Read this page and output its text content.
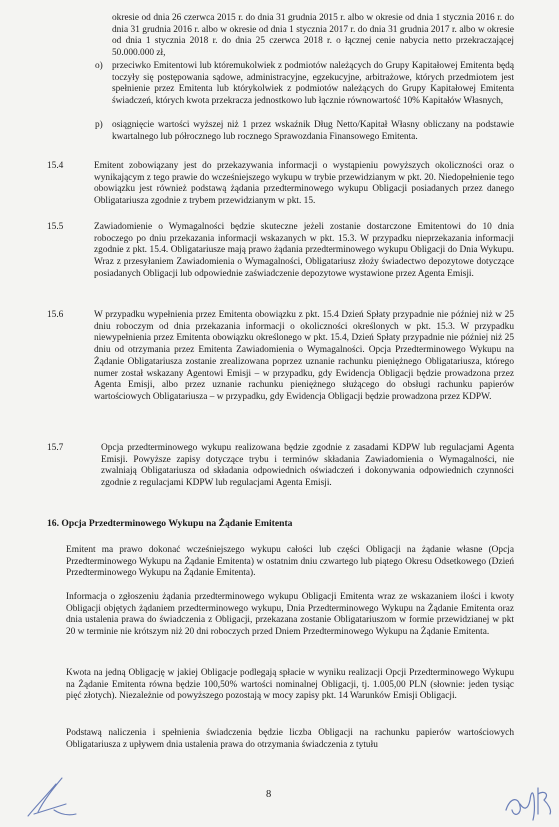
okresie od dnia 26 czerwca 2015 r. do dnia 31 grudnia 2015 r. albo w okresie od dnia 1 stycznia 2016 r. do dnia 31 grudnia 2016 r. albo w okresie od dnia 1 stycznia 2017 r. do dnia 31 grudnia 2017 r. albo w okresie od dnia 1 stycznia 2018 r. do dnia 25 czerwca 2018 r. o łącznej cenie nabycia netto przekraczającej 50.000.000 zł,

o) przeciwko Emitentowi lub któremukolwiek z podmiotów należących do Grupy Kapitałowej Emitenta będą toczyły się postępowania sądowe, administracyjne, egzekucyjne, arbitrażowe, których przedmiotem jest spełnienie przez Emitenta lub którykolwiek z podmiotów należących do Grupy Kapitałowej Emitenta świadczeń, których kwota przekracza jednostkowo lub łącznie równowartość 10% Kapitałów Własnych,

p) osiągnięcie wartości wyższej niż 1 przez wskaźnik Dług Netto/Kapitał Własny obliczany na podstawie kwartalnego lub półrocznego lub rocznego Sprawozdania Finansowego Emitenta.

15.4	Emitent zobowiązany jest do przekazywania informacji o wystąpieniu powyższych okoliczności oraz o wynikającym z tego prawie do wcześniejszego wykupu w trybie przewidzianym w pkt. 20. Niedopełnienie tego obowiązku jest również podstawą żądania przedterminowego wykupu Obligacji posiadanych przez danego Obligatariusza zgodnie z trybem przewidzianym w pkt. 15.

15.5	Zawiadomienie o Wymagalności będzie skuteczne jeżeli zostanie dostarczone Emitentowi do 10 dnia roboczego po dniu przekazania informacji wskazanych w pkt. 15.3. W przypadku nieprzekazania informacji zgodnie z pkt. 15.4. Obligatariusze mają prawo żądania przedterminowego wykupu Obligacji do Dnia Wykupu. Wraz z przesyłaniem Zawiadomienia o Wymagalności, Obligatariusz złoży świadectwo depozytowe dotyczące posiadanych Obligacji lub odpowiednie zaświadczenie depozytowe wystawione przez Agenta Emisji.

15.6	W przypadku wypełnienia przez Emitenta obowiązku z pkt. 15.4 Dzień Spłaty przypadnie nie później niż w 25 dniu roboczym od dnia przekazania informacji o okoliczności określonych w pkt. 15.3. W przypadku niewypełnienia przez Emitenta obowiązku określonego w pkt. 15.4, Dzień Spłaty przypadnie nie później niż 25 dniu od otrzymania przez Emitenta Zawiadomienia o Wymagalności. Opcja Przedterminowego Wykupu na Żądanie Obligatariusza zostanie zrealizowana poprzez uznanie rachunku pieniężnego Obligatariusza, którego numer został wskazany Agentowi Emisji – w przypadku, gdy Ewidencja Obligacji będzie prowadzona przez Agenta Emisji, albo przez uznanie rachunku pieniężnego służącego do obsługi rachunku papierów wartościowych Obligatariusza – w przypadku, gdy Ewidencja Obligacji będzie prowadzona przez KDPW.

15.7	Opcja przedterminowego wykupu realizowana będzie zgodnie z zasadami KDPW lub regulacjami Agenta Emisji. Powyższe zapisy dotyczące trybu i terminów składania Zawiadomienia o Wymagalności, nie zwalniają Obligatariusza od składania odpowiednich oświadczeń i dokonywania odpowiednich czynności zgodnie z regulacjami KDPW lub regulacjami Agenta Emisji.

16. Opcja Przedterminowego Wykupu na Żądanie Emitenta

Emitent ma prawo dokonać wcześniejszego wykupu całości lub części Obligacji na żądanie własne (Opcja Przedterminowego Wykupu na Żądanie Emitenta) w ostatnim dniu czwartego lub piątego Okresu Odsetkowego (Dzień Przedterminowego Wykupu na Żądanie Emitenta).

Informacja o zgłoszeniu żądania przedterminowego wykupu Obligacji Emitenta wraz ze wskazaniem ilości i kwoty Obligacji objętych żądaniem przedterminowego wykupu, Dnia Przedterminowego Wykupu na Żądanie Emitenta oraz dnia ustalenia prawa do świadczenia z Obligacji, przekazana zostanie Obligatariuszom w formie przewidzianej w pkt 20 w terminie nie krótszym niż 20 dni roboczych przed Dniem Przedterminowego Wykupu na Żądanie Emitenta.

Kwota na jedną Obligację w jakiej Obligacje podlegają spłacie w wyniku realizacji Opcji Przedterminowego Wykupu na Żądanie Emitenta równa będzie 100,50% wartości nominalnej Obligacji, tj. 1.005,00 PLN (słownie: jeden tysiąc pięć złotych). Niezależnie od powyższego pozostają w mocy zapisy pkt. 14 Warunków Emisji Obligacji.

Podstawą naliczenia i spełnienia świadczenia będzie liczba Obligacji na rachunku papierów wartościowych Obligatariusza z upływem dnia ustalenia prawa do otrzymania świadczenia z tytułu

8
